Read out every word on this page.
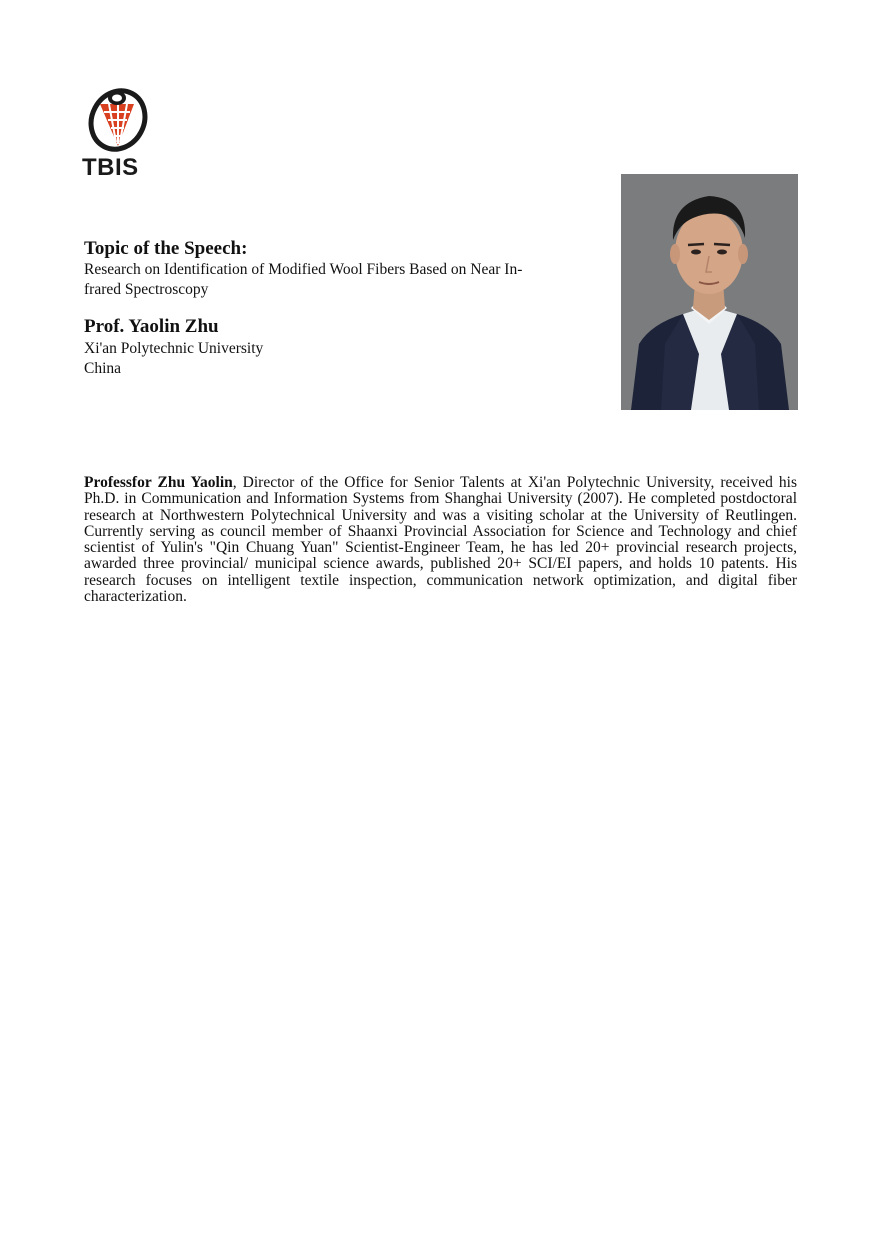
TBIS
Topic of the Speech:
Research on Identification of Modified Wool Fibers Based on Near In-
frared Spectroscopy
Prof. Yaolin Zhu
Xi'an Polytechnic University
China
Professfor Zhu Yaolin, Director of the Office for Senior Talents at Xi'an Polytechnic University, received his Ph.D. in Communication and Information Systems from Shanghai University (2007). He completed postdoctoral research at Northwestern Polytechnical University and was a visiting scholar at the University of Reutlingen. Currently serving as council member of Shaanxi Provincial Association for Science and Technology and chief scientist of Yulin's "Qin Chuang Yuan" Scientist-Engineer Team, he has led 20+ provincial research projects, awarded three provincial/ municipal science awards, published 20+ SCI/EI papers, and holds 10 patents. His research focuses on intelligent textile inspection, communication network optimization, and digital fiber characterization.
